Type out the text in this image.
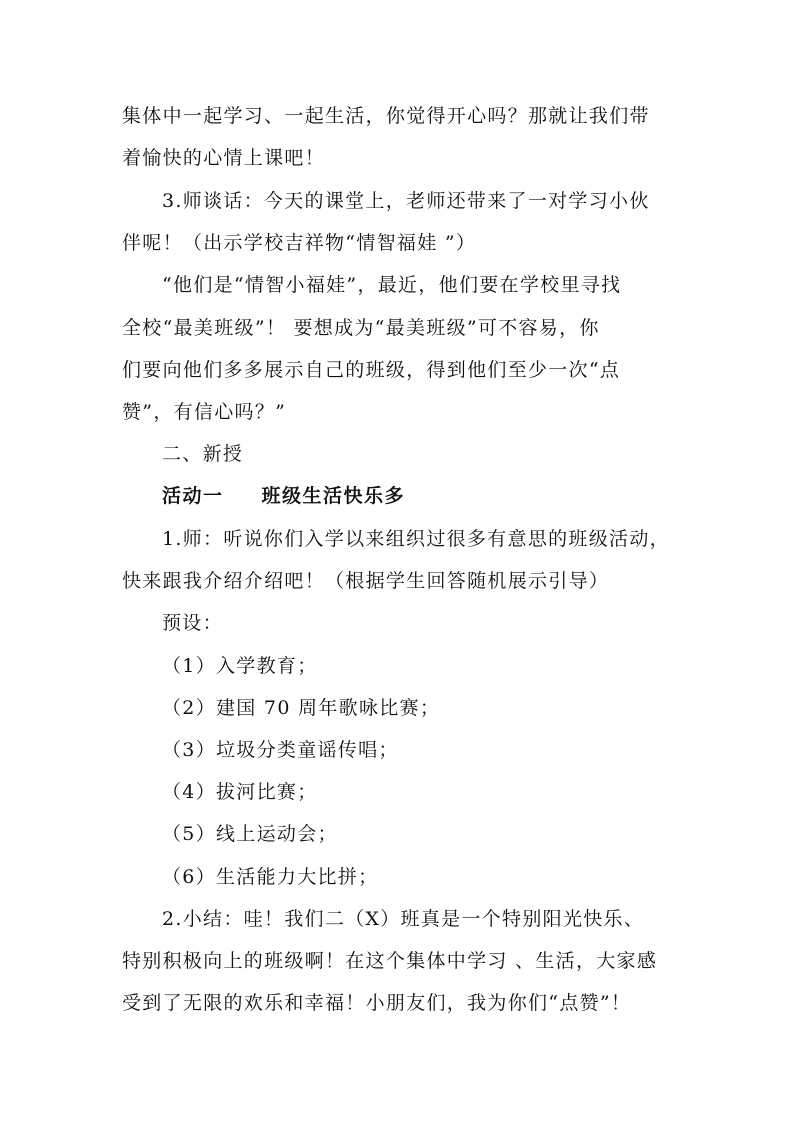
集体中一起学习、一起生活，你觉得开心吗？那就让我们带
着愉快的心情上课吧！
3.师谈话：今天的课堂上，老师还带来了一对学习小伙
伴呢！（出示学校吉祥物“情智福娃 ”）
“他们是“情智小福娃”，最近，他们要在学校里寻找
全校“最美班级”！ 要想成为“最美班级”可不容易，你
们要向他们多多展示自己的班级，得到他们至少一次“点
赞”，有信心吗？”
二、新授
活动一 班级生活快乐多
1.师：听说你们入学以来组织过很多有意思的班级活动，
快来跟我介绍介绍吧！（根据学生回答随机展示引导）
预设：
（1）入学教育；
（2）建国 70 周年歌咏比赛；
（3）垃圾分类童谣传唱；
（4）拔河比赛；
（5）线上运动会；
（6）生活能力大比拼；
2.小结：哇！我们二（X）班真是一个特别阳光快乐、
特别积极向上的班级啊！在这个集体中学习 、生活，大家感
受到了无限的欢乐和幸福！小朋友们，我为你们“点赞”！
